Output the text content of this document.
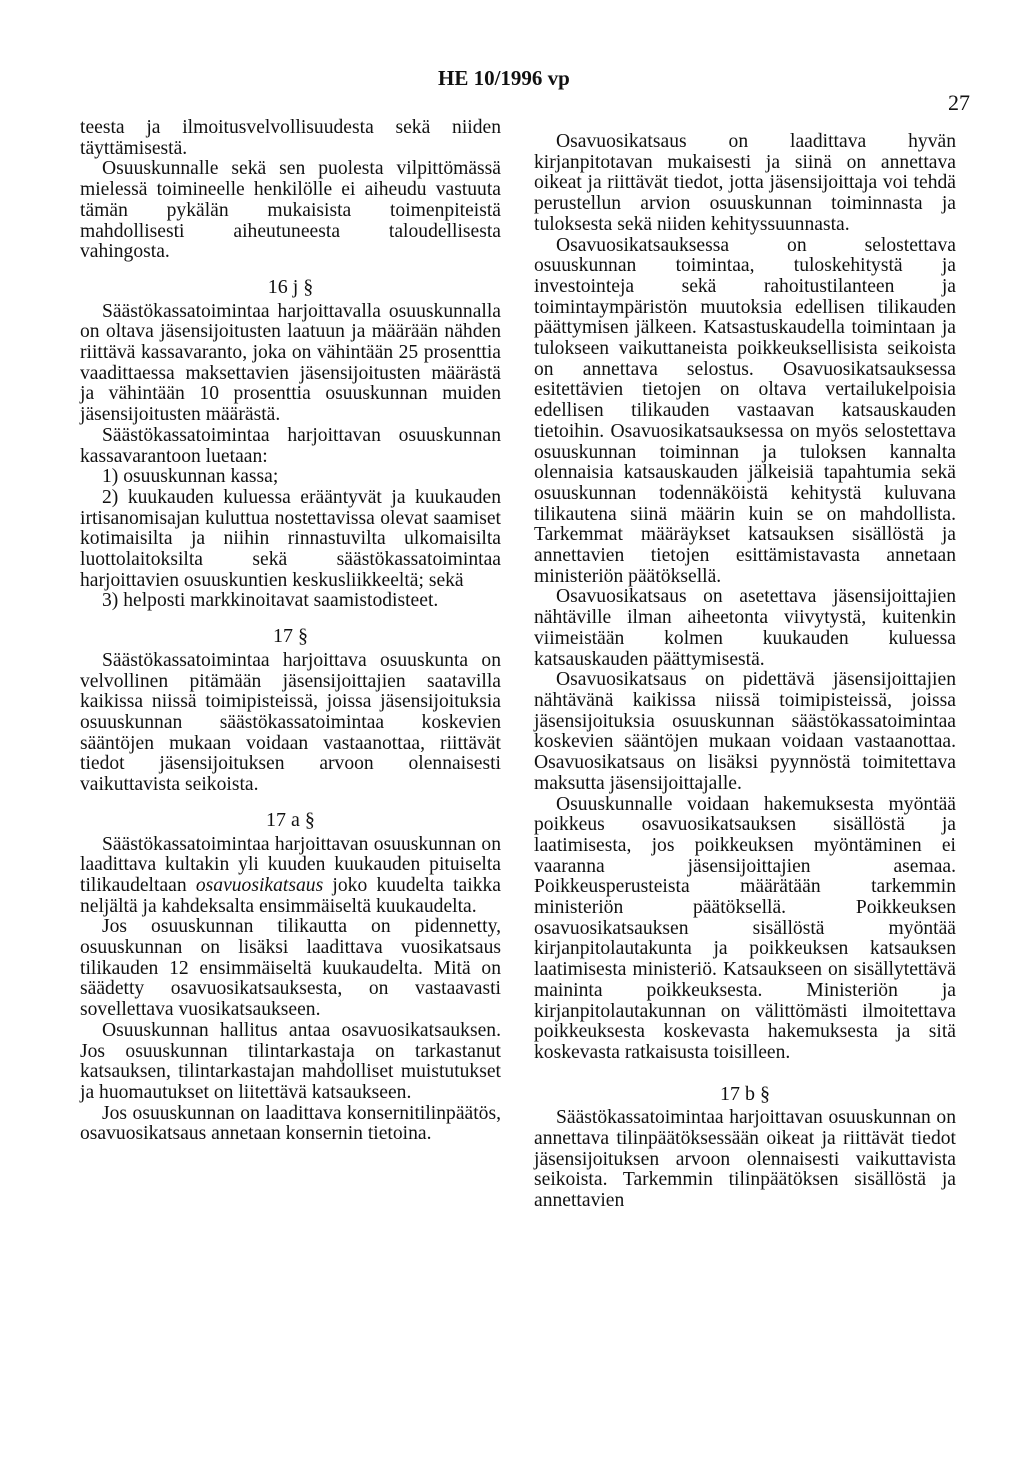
HE 10/1996 vp
27

teesta ja ilmoitusvelvollisuudesta sekä niiden täyttämisestä.

Osuuskunnalle sekä sen puolesta vilpittömässä mielessä toimineelle henkilölle ei aiheudu vastuuta tämän pykälän mukaisista toimenpiteistä mahdollisesti aiheutuneesta taloudellisesta vahingosta.

16 j §

Säästökassatoimintaa harjoittavalla osuuskunnalla on oltava jäsensijoitusten laatuun ja määrään nähden riittävä kassavaranto, joka on vähintään 25 prosenttia vaadittaessa maksettavien jäsensijoitusten määrästä ja vähintään 10 prosenttia osuuskunnan muiden jäsensijoitusten määrästä.

Säästökassatoimintaa harjoittavan osuuskunnan kassavarantoon luetaan:

1) osuuskunnan kassa;

2) kuukauden kuluessa erääntyvät ja kuukauden irtisanomisajan kuluttua nostettavissa olevat saamiset kotimaisilta ja niihin rinnastuvilta ulkomaisilta luottolaitoksilta sekä säästökassatoimintaa harjoittavien osuuskuntien keskusliikkeeltä; sekä

3) helposti markkinoitavat saamistodisteet.

17 §

Säästökassatoimintaa harjoittava osuuskunta on velvollinen pitämään jäsensijoittajien saatavilla kaikissa niissä toimipisteissä, joissa jäsensijoituksia osuuskunnan säästökassatoimintaa koskevien sääntöjen mukaan voidaan vastaanottaa, riittävät tiedot jäsensijoituksen arvoon olennaisesti vaikuttavista seikoista.

17 a §

Säästökassatoimintaa harjoittavan osuuskunnan on laadittava kultakin yli kuuden kuukauden pituiselta tilikaudeltaan osavuosikatsaus joko kuudelta taikka neljältä ja kahdeksalta ensimmäiseltä kuukaudelta.

Jos osuuskunnan tilikautta on pidennetty, osuuskunnan on lisäksi laadittava vuosikatsaus tilikauden 12 ensimmäiseltä kuukaudelta. Mitä on säädetty osavuosikatsauksesta, on vastaavasti sovellettava vuosikatsaukseen.

Osuuskunnan hallitus antaa osavuosikatsauksen. Jos osuuskunnan tilintarkastaja on tarkastanut katsauksen, tilintarkastajan mahdolliset muistutukset ja huomautukset on liitettävä katsaukseen.

Jos osuuskunnan on laadittava konsernitilinpäätös, osavuosikatsaus annetaan konsernin tietoina.

Osavuosikatsaus on laadittava hyvän kirjanpitotavan mukaisesti ja siinä on annettava oikeat ja riittävät tiedot, jotta jäsensijoittaja voi tehdä perustellun arvion osuuskunnan toiminnasta ja tuloksesta sekä niiden kehityssuunnasta.

Osavuosikatsauksessa on selostettava osuuskunnan toimintaa, tuloskehitystä ja investointeja sekä rahoitustilanteen ja toimintaympäristön muutoksia edellisen tilikauden päättymisen jälkeen. Katsastuskaudella toimintaan ja tulokseen vaikuttaneista poikkeuksellisista seikoista on annettava selostus. Osavuosikatsauksessa esitettävien tietojen on oltava vertailukelpoisia edellisen tilikauden vastaavan katsauskauden tietoihin. Osavuosikatsauksessa on myös selostettava osuuskunnan toiminnan ja tuloksen kannalta olennaisia katsauskauden jälkeisiä tapahtumia sekä osuuskunnan todennäköistä kehitystä kuluvana tilikautena siinä määrin kuin se on mahdollista. Tarkemmat määräykset katsauksen sisällöstä ja annettavien tietojen esittämistavasta annetaan ministeriön päätöksellä.

Osavuosikatsaus on asetettava jäsensijoittajien nähtäville ilman aiheetonta viivytystä, kuitenkin viimeistään kolmen kuukauden kuluessa katsauskauden päättymisestä.

Osavuosikatsaus on pidettävä jäsensijoittajien nähtävänä kaikissa niissä toimipisteissä, joissa jäsensijoituksia osuuskunnan säästökassatoimintaa koskevien sääntöjen mukaan voidaan vastaanottaa. Osavuosikatsaus on lisäksi pyynnöstä toimitettava maksutta jäsensijoittajalle.

Osuuskunnalle voidaan hakemuksesta myöntää poikkeus osavuosikatsauksen sisällöstä ja laatimisesta, jos poikkeuksen myöntäminen ei vaaranna jäsensijoittajien asemaa. Poikkeusperusteista määrätään tarkemmin ministeriön päätöksellä. Poikkeuksen osavuosikatsauksen sisällöstä myöntää kirjanpitolautakunta ja poikkeuksen katsauksen laatimisesta ministeriö. Katsaukseen on sisällytettävä maininta poikkeuksesta. Ministeriön ja kirjanpitolautakunnan on välittömästi ilmoitettava poikkeuksesta koskevasta hakemuksesta ja sitä koskevasta ratkaisusta toisilleen.

17 b §

Säästökassatoimintaa harjoittavan osuuskunnan on annettava tilinpäätöksessään oikeat ja riittävät tiedot jäsensijoituksen arvoon olennaisesti vaikuttavista seikoista. Tarkemmin tilinpäätöksen sisällöstä ja annettavien
